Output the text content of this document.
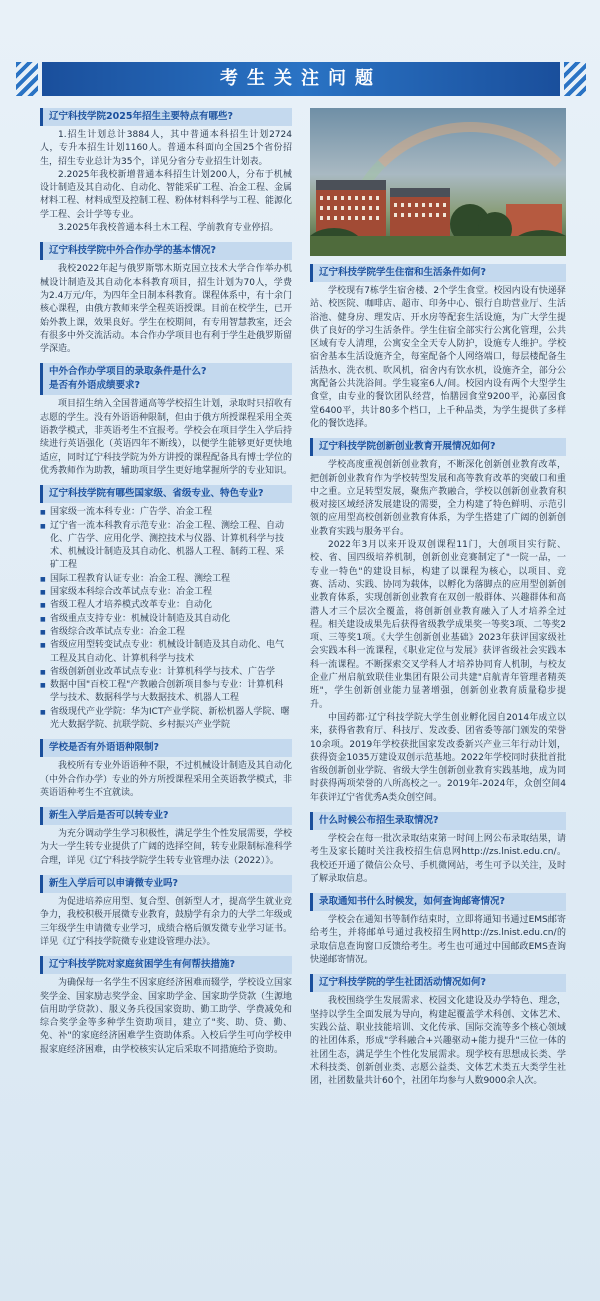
考生关注问题
辽宁科技学院2025年招生主要特点有哪些?

1.招生计划总计3884人，其中普通本科招生计划2724人，专升本招生计划1160人。普通本科面向全国25个省份招生，招生专业总计为35个，详见分省分专业招生计划表。

2.2025年我校新增普通本科招生计划200人，分布于机械设计制造及其自动化、自动化、智能采矿工程、冶金工程、金属材料工程、材料成型及控制工程、粉体材料科学与工程、能源化学工程、会计学等专业。

3.2025年我校普通本科土木工程、学前教育专业停招。

辽宁科技学院中外合作办学的基本情况?

我校2022年起与俄罗斯鄂木斯克国立技术大学合作举办机械设计制造及其自动化本科教育项目，招生计划为70人，学费为2.4万元/年，为四年全日制本科教育。课程体系中，有十余门核心课程，由俄方教师来学全程英语授课。目前在校学生，已开始外教上课，效果良好。学生在校期间，有专用智慧教室，还会有很多中外交流活动。本合作办学项目也有利于学生赴俄罗斯留学深造。

中外合作办学项目的录取条件是什么?
是否有外语成绩要求?

项目招生纳入全国普通高等学校招生计划，录取时只招收有志愿的学生。没有外语语种限制，但由于俄方所授课程采用全英语教学模式，非英语考生不宜报考。学校会在项目学生入学后持续进行英语强化（英语四年不断线），以便学生能够更好更快地适应，同时辽宁科技学院为外方讲授的课程配备具有博士学位的优秀教师作为助教，辅助项目学生更好地掌握所学的专业知识。

辽宁科技学院有哪些国家级、省级专业、特色专业?
■ 国家级一流本科专业：广告学、冶金工程
■ 辽宁省一流本科教育示范专业：冶金工程、测绘工程、自动化、广告学、应用化学、测控技术与仪器、计算机科学与技术、机械设计制造及其自动化、机器人工程、制药工程、采矿工程
■ 国际工程教育认证专业：冶金工程、测绘工程
■ 国家级本科综合改革试点专业：冶金工程
■ 省级工程人才培养模式改革专业：自动化
■ 省级重点支持专业：机械设计制造及其自动化
■ 省级综合改革试点专业：冶金工程
■ 省级应用型转变试点专业：机械设计制造及其自动化、电气工程及其自动化、计算机科学与技术
■ 省级创新创业改革试点专业：计算机科学与技术、广告学
■ 数据中国"百校工程"产教融合创新项目参与专业：计算机科学与技术、数据科学与大数据技术、机器人工程
■ 省级现代产业学院：华为ICT产业学院、新松机器人学院、曙光大数据学院、抗联学院、乡村振兴产业学院
学校是否有外语语种限制?

我校所有专业外语语种不限，不过机械设计制造及其自动化（中外合作办学）专业的外方所授课程采用全英语教学模式，非英语语种考生不宜就读。

新生入学后是否可以转专业?

为充分调动学生学习积极性，满足学生个性发展需要，学校为大一学生转专业提供了广阔的选择空间，转专业限制标准科学合理，详见《辽宁科技学院学生转专业管理办法（2022）》。

新生入学后可以申请微专业吗?

为促进培养应用型、复合型、创新型人才，提高学生就业竞争力，我校积极开展微专业教育，鼓励学有余力的大学二年级或三年级学生申请微专业学习，成绩合格后颁发微专业学习证书。详见《辽宁科技学院微专业建设管理办法》。

辽宁科技学院对家庭贫困学生有何帮扶措施?

为确保每一名学生不因家庭经济困难而辍学，学校设立国家奖学金、国家励志奖学金、国家助学金、国家助学贷款（生源地信用助学贷款）、服义务兵役国家资助、勤工助学、学费减免和综合奖学金等多种学生资助项目，建立了"奖、助、贷、勤、免、补"的家庭经济困难学生资助体系。入校后学生可向学校申报家庭经济困难，由学校核实认定后采取不同措施给予资助。

辽宁科技学院学生住宿和生活条件如何?

学校现有7栋学生宿舍楼、2个学生食堂。校园内设有快递驿站、校医院、咖啡店、超市、印务中心、银行自助营业厅、生活浴池、健身房、理发店、开水房等配套生活设施，为广大学生提供了良好的学习生活条件。学生住宿全部实行公寓化管理，公共区域有专人清理，公寓安全全天专人防护，设施专人维护。学校宿舍基本生活设施齐全，每室配备个人网络端口，每层楼配备生活热水、洗衣机、吹风机，宿舍内有饮水机，设施齐全，部分公寓配备公共洗浴间。学生寝室6人/间。校园内设有两个大型学生食堂，由专业的餐饮团队经营，怡膳园食堂9200平，沁嘉园食堂6400平，共计80多个档口，上千种品类，为学生提供了多样化的餐饮选择。

辽宁科技学院创新创业教育开展情况如何?

学校高度重视创新创业教育，不断深化创新创业教育改革，把创新创业教育作为学校转型发展和高等教育改革的突破口和重中之重。立足转型发展，聚焦产教融合，学校以创新创业教育积极对接区域经济发展建设的需要，全力构建了特色鲜明、示范引领的应用型高校创新创业教育体系，为学生搭建了广阔的创新创业教育实践与服务平台。

2022年3月以来开设双创课程11门，大创项目实行院、校、省、国四级培养机制，创新创业竞赛制定了"一院一品，一专业一特色"的建设目标，构建了以课程为核心，以项目、竞赛、活动、实践、协同为载体，以孵化为落脚点的应用型创新创业教育体系，实现创新创业教育在双创一般群体、兴趣群体和高潜人才三个层次全覆盖，将创新创业教育融入了人才培养全过程。相关建设成果先后获得省级教学成果奖一等奖3项、二等奖2项、三等奖1项。《大学生创新创业基础》2023年获评国家级社会实践本科一流课程，《职业定位与发展》获评省级社会实践本科一流课程。不断探索交叉学科人才培养协同育人机制，与校友企业广州启航致联佳业集团有限公司共建"启航青年管理者精英班"，学生创新创业能力显著增强，创新创业教育质量稳步提升。

中国药都·辽宁科技学院大学生创业孵化园自2014年成立以来，获得省教育厅、科技厅、发改委、团省委等部门颁发的荣誉10余项。2019年学校获批国家发改委新兴产业三年行动计划，获得资金1035万建设双创示范基地。2022年学校同时获批首批省级创新创业学院、省级大学生创新创业教育实践基地，成为同时获得两项荣誉的八所高校之一。2019年-2024年，众创空间4年获评辽宁省优秀A类众创空间。

什么时候公布招生录取情况?

学校会在每一批次录取结束第一时间上网公布录取结果，请考生及家长随时关注我校招生信息网http://zs.lnist.edu.cn/。我校还开通了微信公众号、手机微网站，考生可予以关注，及时了解录取信息。

录取通知书什么时候发，如何查询邮寄情况?

学校会在通知书等制作结束时，立即将通知书通过EMS邮寄给考生，并将邮单号通过我校招生网http://zs.lnist.edu.cn/的录取信息查询窗口反馈给考生。考生也可通过中国邮政EMS查询快递邮寄情况。

辽宁科技学院的学生社团活动情况如何?

我校围绕学生发展需求、校园文化建设及办学特色、理念，坚持以学生全面发展为导向，构建起覆盖学术科创、文体艺术、实践公益、职业技能培训、文化传承、国际交流等多个核心领域的社团体系，形成"学科融合+兴趣驱动+能力提升"三位一体的社团生态，满足学生个性化发展需求。现学校有思想成长类、学术科技类、创新创业类、志愿公益类、文体艺术类五大类学生社团，社团数量共计60个，社团年均参与人数9000余人次。
